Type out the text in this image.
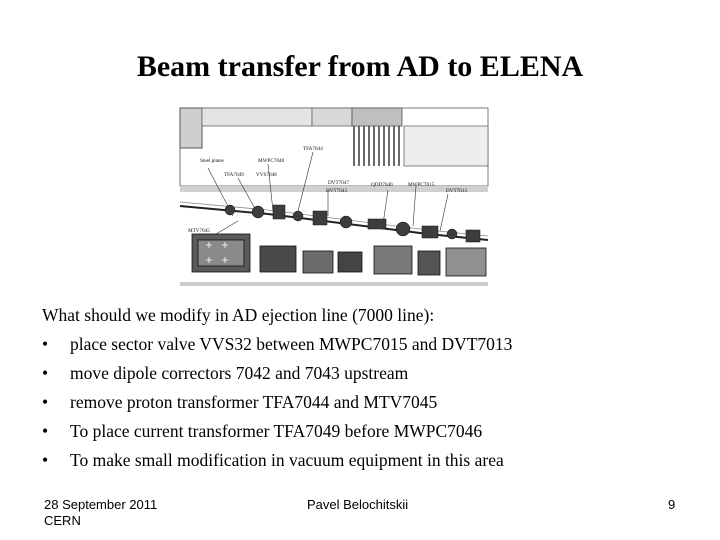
Beam transfer from AD to ELENA
Steel plates	MWPC7046
TFA7044
TFA7049 VVS7048
DVT7047
DVT7043
QDD7040	MWPC7015
DVT7013
MTV7045
What should we modify in AD ejection line (7000 line):
• place sector valve VVS32 between MWPC7015 and DVT7013
• move dipole correctors 7042 and 7043 upstream
• remove proton transformer TFA7044 and MTV7045
• To place current transformer TFA7049 before MWPC7046
• To make small modification in vacuum equipment in this area
28 September 2011
CERN
Pavel Belochitskii	9
